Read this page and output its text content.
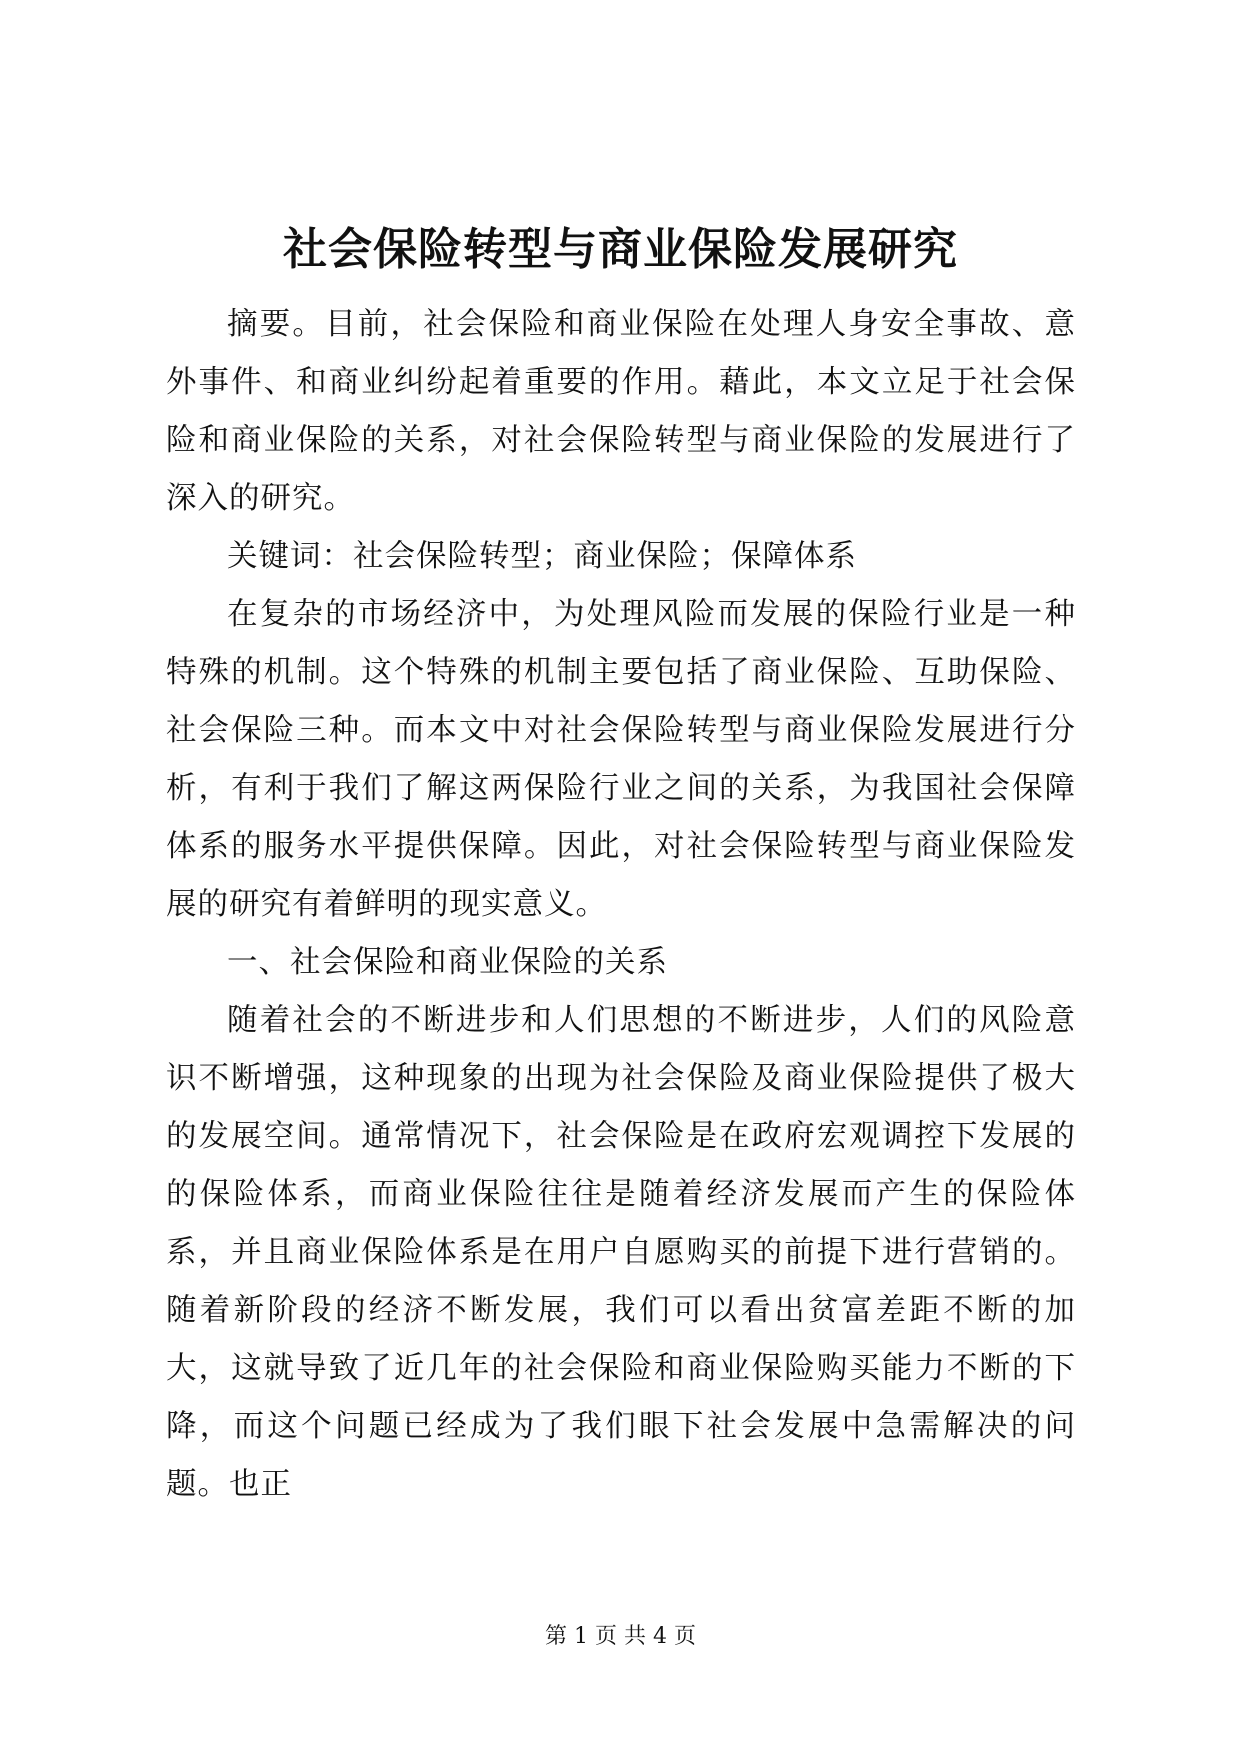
社会保险转型与商业保险发展研究

摘要。目前，社会保险和商业保险在处理人身安全事故、意外事件、和商业纠纷起着重要的作用。藉此，本文立足于社会保险和商业保险的关系，对社会保险转型与商业保险的发展进行了深入的研究。

关键词：社会保险转型；商业保险；保障体系

在复杂的市场经济中，为处理风险而发展的保险行业是一种特殊的机制。这个特殊的机制主要包括了商业保险、互助保险、社会保险三种。而本文中对社会保险转型与商业保险发展进行分析，有利于我们了解这两保险行业之间的关系，为我国社会保障体系的服务水平提供保障。因此，对社会保险转型与商业保险发展的研究有着鲜明的现实意义。

一、社会保险和商业保险的关系

随着社会的不断进步和人们思想的不断进步，人们的风险意识不断增强，这种现象的出现为社会保险及商业保险提供了极大的发展空间。通常情况下，社会保险是在政府宏观调控下发展的的保险体系，而商业保险往往是随着经济发展而产生的保险体系，并且商业保险体系是在用户自愿购买的前提下进行营销的。随着新阶段的经济不断发展，我们可以看出贫富差距不断的加大，这就导致了近几年的社会保险和商业保险购买能力不断的下降，而这个问题已经成为了我们眼下社会发展中急需解决的问题。也正

第 1 页 共 4 页
